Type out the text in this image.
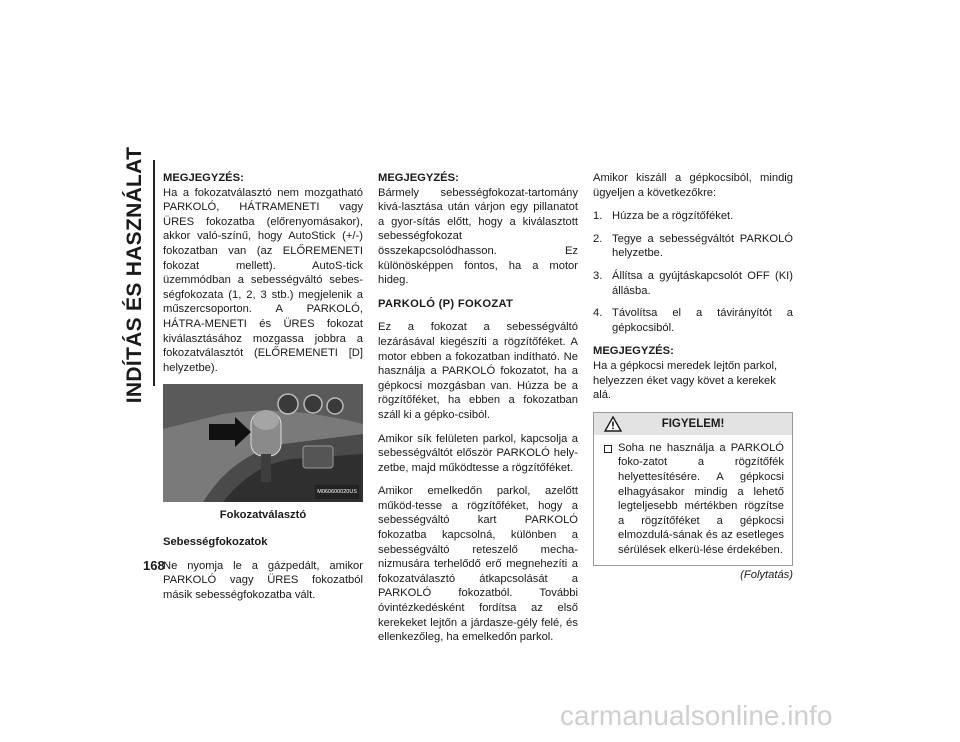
INDÍTÁS ÉS HASZNÁLAT MEGJEGYZÉS:

Ha a fokozatválasztó nem mozgatható PARKOLÓ, HÁTRAMENETI vagy ÜRES fokozatba (előrenyomásakor), akkor való-színű, hogy AutoStick (+/-) fokozatban van (az ELŐREMENETI fokozat mellett). AutoS-tick üzemmódban a sebességváltó sebes-ségfokozata (1, 2, 3 stb.) megjelenik a műszercsoporton. A PARKOLÓ, HÁTRA-MENETI és ÜRES fokozat kiválasztásához mozgassa jobbra a fokozatválasztót (ELŐREMENETI [D] helyzetbe).

M060600020US
Fokozatválasztó
Sebességfokozatok

Ne nyomja le a gázpedált, amikor PARKOLÓ vagy ÜRES fokozatból másik sebességfokozatba vált.

MEGJEGYZÉS:

Bármely sebességfokozat-tartomány kivá-lasztása után várjon egy pillanatot a gyor-sítás előtt, hogy a kiválasztott sebességfokozat összekapcsolódhasson. Ez különösképpen fontos, ha a motor hideg.

PARKOLÓ (P) FOKOZAT

Ez a fokozat a sebességváltó lezárásával kiegészíti a rögzítőféket. A motor ebben a fokozatban indítható. Ne használja a PARKOLÓ fokozatot, ha a gépkocsi mozgásban van. Húzza be a rögzítőféket, ha ebben a fokozatban száll ki a gépko-csiból.

Amikor sík felületen parkol, kapcsolja a sebességváltót először PARKOLÓ hely-zetbe, majd működtesse a rögzítőféket.

Amikor emelkedőn parkol, azelőtt működ-tesse a rögzítőféket, hogy a sebességváltó kart PARKOLÓ fokozatba kapcsolná, különben a sebességváltó reteszelő mecha-nizmusára terhelődő erő megnehezíti a fokozatválasztó átkapcsolását a PARKOLÓ fokozatból. További óvintézkedésként fordítsa az első kerekeket lejtőn a járdasze-gély felé, és ellenkezőleg, ha emelkedőn parkol.

Amikor kiszáll a gépkocsiból, mindig ügyeljen a következőkre:

1. Húzza be a rögzítőféket.
2. Tegye a sebességváltót PARKOLÓ helyzetbe.
3. Állítsa a gyújtáskapcsolót OFF (KI) állásba.
4. Távolítsa el a távirányítót a gépkocsiból.
MEGJEGYZÉS:

Ha a gépkocsi meredek lejtőn parkol, helyezzen éket vagy követ a kerekek alá.

FIGYELEM!

Soha ne használja a PARKOLÓ foko-zatot a rögzítőfék helyettesítésére. A gépkocsi elhagyásakor mindig a lehető legteljesebb mértékben rögzítse a rögzítőféket a gépkocsi elmozdulá-sának és az esetleges sérülések elkerü-lése érdekében.

(Folytatás)
168
carmanualsonline.info
